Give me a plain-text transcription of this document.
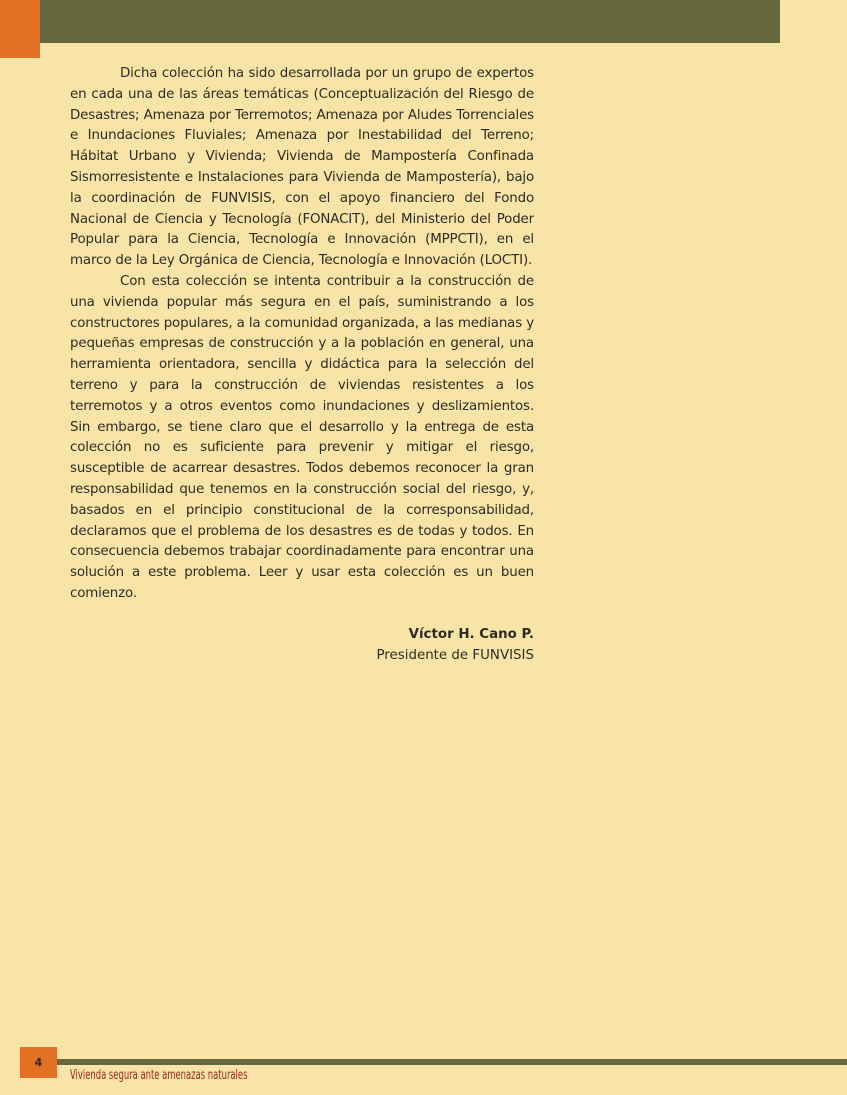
Dicha colección ha sido desarrollada por un grupo de expertos en cada una de las áreas temáticas (Conceptualización del Riesgo de Desastres; Amenaza por Terremotos; Amenaza por Aludes Torrenciales e Inundaciones Fluviales; Amenaza por Inestabilidad del Terreno; Hábitat Urbano y Vivienda; Vivienda de Mampostería Confinada Sismorresistente e Instalaciones para Vivienda de Mampostería), bajo la coordinación de FUNVISIS, con el apoyo financiero del Fondo Nacional de Ciencia y Tecnología (FONACIT), del Ministerio del Poder Popular para la Ciencia, Tecnología e Innovación (MPPCTI), en el marco de la Ley Orgánica de Ciencia, Tecnología e Innovación (LOCTI).

Con esta colección se intenta contribuir a la construcción de una vivienda popular más segura en el país, suministrando a los constructores populares, a la comunidad organizada, a las medianas y pequeñas empresas de construcción y a la población en general, una herramienta orientadora, sencilla y didáctica para la selección del terreno y para la construcción de viviendas resistentes a los terremotos y a otros eventos como inundaciones y deslizamientos. Sin embargo, se tiene claro que el desarrollo y la entrega de esta colección no es suficiente para prevenir y mitigar el riesgo, susceptible de acarrear desastres. Todos debemos reconocer la gran responsabilidad que tenemos en la construcción social del riesgo, y, basados en el principio constitucional de la corresponsabilidad, declaramos que el problema de los desastres es de todas y todos. En consecuencia debemos trabajar coordinadamente para encontrar una solución a este problema. Leer y usar esta colección es un buen comienzo.

Víctor H. Cano P.
Presidente de FUNVISIS
4
Vivienda segura ante amenazas naturales
